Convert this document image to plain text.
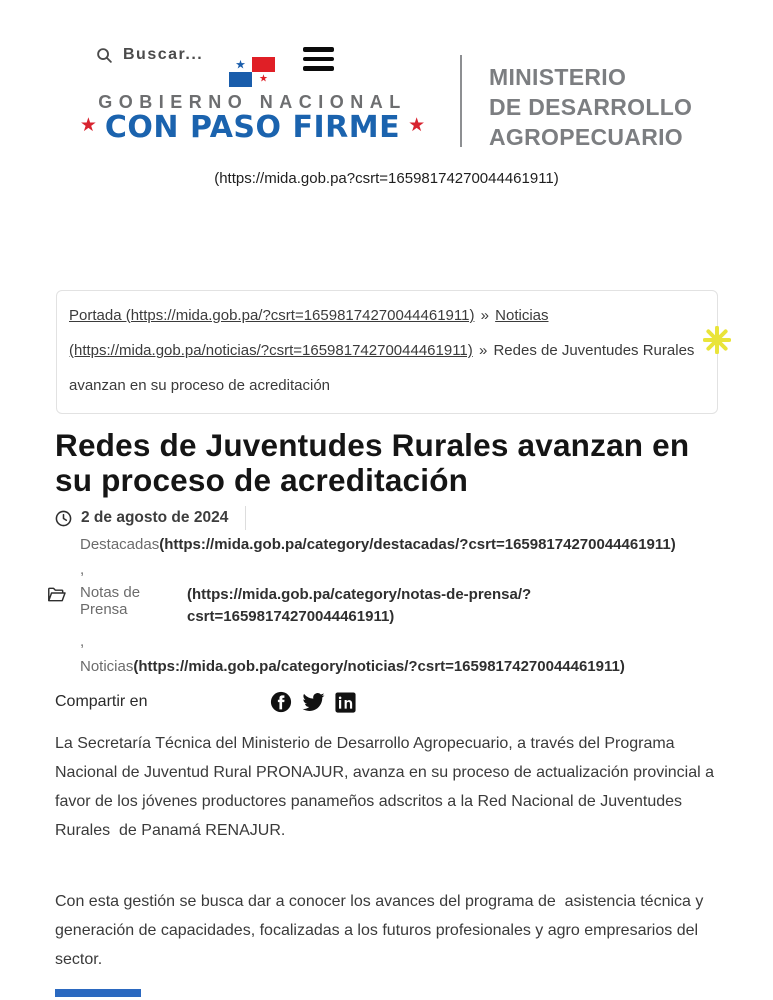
Buscar...
★
★
GOBIERNO NACIONAL
★ CON PASO FIRME ★
MINISTERIO
DE DESARROLLO
AGROPECUARIO
(https://mida.gob.pa?csrt=16598174270044461911)
Portada (https://mida.gob.pa/?csrt=16598174270044461911) » Noticias (https://mida.gob.pa/noticias/?csrt=16598174270044461911) » Redes de Juventudes Rurales avanzan en su proceso de acreditación
Redes de Juventudes Rurales avanzan en su proceso de acreditación
2 de agosto de 2024
Destacadas(https://mida.gob.pa/category/destacadas/?csrt=16598174270044461911)
,
Notas de Prensa
(https://mida.gob.pa/category/notas-de-prensa/?
csrt=16598174270044461911)
,
Noticias(https://mida.gob.pa/category/noticias/?csrt=16598174270044461911)
Compartir en

La Secretaría Técnica del Ministerio de Desarrollo Agropecuario, a través del Programa Nacional de Juventud Rural PRONAJUR, avanza en su proceso de actualización provincial a favor de los jóvenes productores panameños adscritos a la Red Nacional de Juventudes Rurales  de Panamá RENAJUR.

Con esta gestión se busca dar a conocer los avances del programa de  asistencia técnica y generación de capacidades, focalizadas a los futuros profesionales y agro empresarios del sector.
